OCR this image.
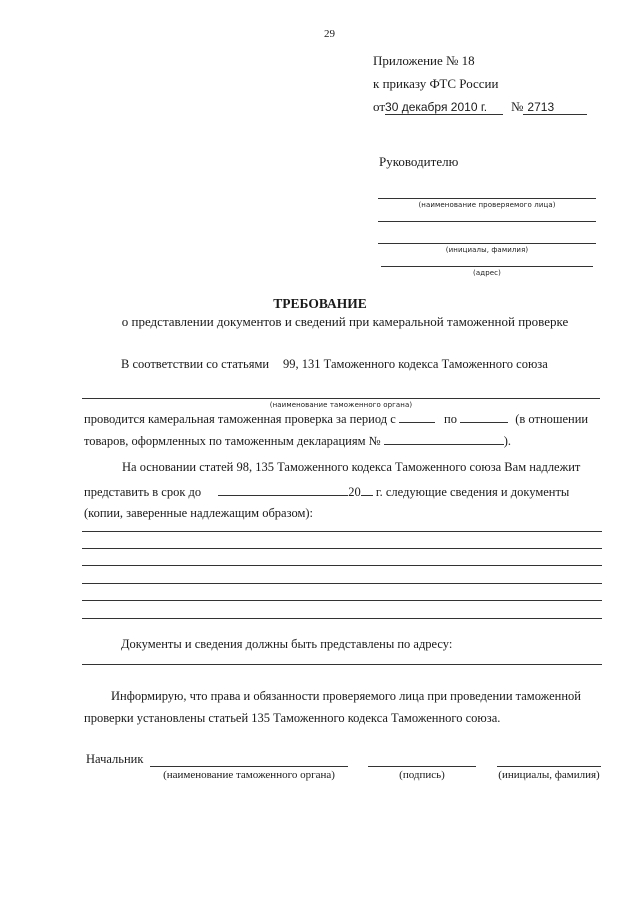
29
Приложение № 18
к приказу ФТС России
от30 декабря 2010 г. № 2713
Руководителю
(наименование проверяемого лица)
(инициалы, фамилия)
(адрес)
ТРЕБОВАНИЕ
о представлении документов и сведений при камеральной таможенной проверке
В соответствии со статьями 99, 131 Таможенного кодекса Таможенного союза
(наименование таможенного органа)
проводится камеральная таможенная проверка за период с	по	(в отношении
товаров, оформленных по таможенным декларациям №	).
На основании статей 98, 135 Таможенного кодекса Таможенного союза Вам надлежит
представить в срок до	20 г. следующие сведения и документы
(копии, заверенные надлежащим образом):
Документы и сведения должны быть представлены по адресу:
Информирую, что права и обязанности проверяемого лица при проведении таможенной
проверки установлены статьей 135 Таможенного кодекса Таможенного союза.
Начальник
(наименование таможенного органа)	(подпись)	(инициалы, фамилия)
